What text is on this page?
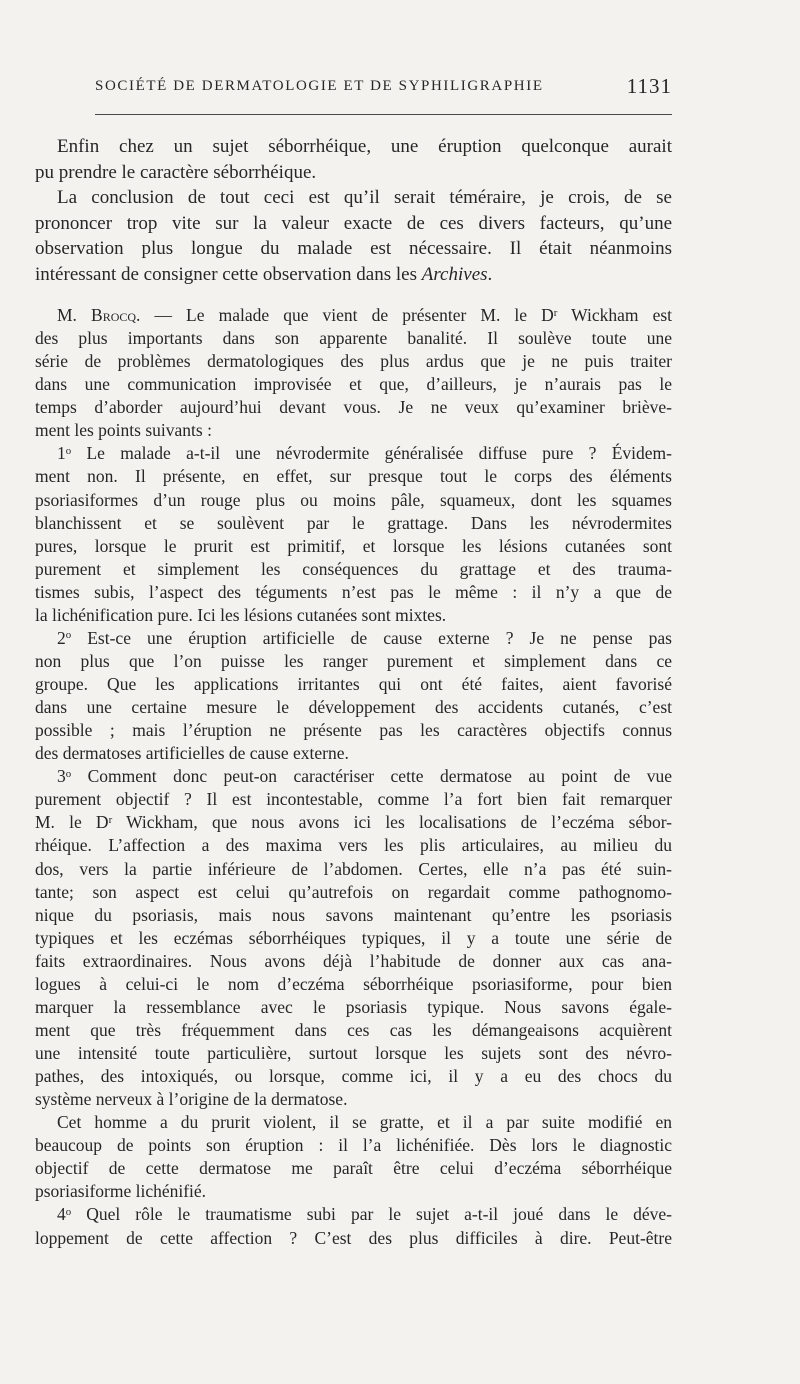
SOCIÉTÉ DE DERMATOLOGIE ET DE SYPHILIGRAPHIE	1131
Enfin chez un sujet séborrhéique, une éruption quelconque aurait
pu prendre le caractère séborrhéique.
La conclusion de tout ceci est qu’il serait téméraire, je crois, de se
prononcer trop vite sur la valeur exacte de ces divers facteurs, qu’une
observation plus longue du malade est nécessaire. Il était néanmoins
intéressant de consigner cette observation dans les Archives.
M. Brocq. — Le malade que vient de présenter M. le $D^r$ Wickham est
des plus importants dans son apparente banalité. Il soulève toute une
série de problèmes dermatologiques des plus ardus que je ne puis traiter
dans une communication improvisée et que, d’ailleurs, je n’aurais pas le
temps d’aborder aujourd’hui devant vous. Je ne veux qu’examiner briève-
ment les points suivants :
1$^o$ Le malade a-t-il une névrodermite généralisée diffuse pure ? Évidem-
ment non. Il présente, en effet, sur presque tout le corps des éléments
psoriasiformes d’un rouge plus ou moins pâle, squameux, dont les squames
blanchissent et se soulèvent par le grattage. Dans les névrodermites
pures, lorsque le prurit est primitif, et lorsque les lésions cutanées sont
purement et simplement les conséquences du grattage et des trauma-
tismes subis, l’aspect des téguments n’est pas le même : il n’y a que de
la lichénification pure. Ici les lésions cutanées sont mixtes.
2$^o$ Est-ce une éruption artificielle de cause externe ? Je ne pense pas
non plus que l’on puisse les ranger purement et simplement dans ce
groupe. Que les applications irritantes qui ont été faites, aient favorisé
dans une certaine mesure le développement des accidents cutanés, c’est
possible ; mais l’éruption ne présente pas les caractères objectifs connus
des dermatoses artificielles de cause externe.
3$^o$ Comment donc peut-on caractériser cette dermatose au point de vue
purement objectif ? Il est incontestable, comme l’a fort bien fait remarquer
M. le $D^r$ Wickham, que nous avons ici les localisations de l’eczéma sébor-
rhéique. L’affection a des maxima vers les plis articulaires, au milieu du
dos, vers la partie inférieure de l’abdomen. Certes, elle n’a pas été suin-
tante; son aspect est celui qu’autrefois on regardait comme pathognomo-
nique du psoriasis, mais nous savons maintenant qu’entre les psoriasis
typiques et les eczémas séborrhéiques typiques, il y a toute une série de
faits extraordinaires. Nous avons déjà l’habitude de donner aux cas ana-
logues à celui-ci le nom d’eczéma séborrhéique psoriasiforme, pour bien
marquer la ressemblance avec le psoriasis typique. Nous savons égale-
ment que très fréquemment dans ces cas les démangeaisons acquièrent
une intensité toute particulière, surtout lorsque les sujets sont des névro-
pathes, des intoxiqués, ou lorsque, comme ici, il y a eu des chocs du
système nerveux à l’origine de la dermatose.
Cet homme a du prurit violent, il se gratte, et il a par suite modifié en
beaucoup de points son éruption : il l’a lichénifiée. Dès lors le diagnostic
objectif de cette dermatose me paraît être celui d’eczéma séborrhéique
psoriasiforme lichénifié.
4$^o$ Quel rôle le traumatisme subi par le sujet a-t-il joué dans le déve-
loppement de cette affection ? C’est des plus difficiles à dire. Peut-être
